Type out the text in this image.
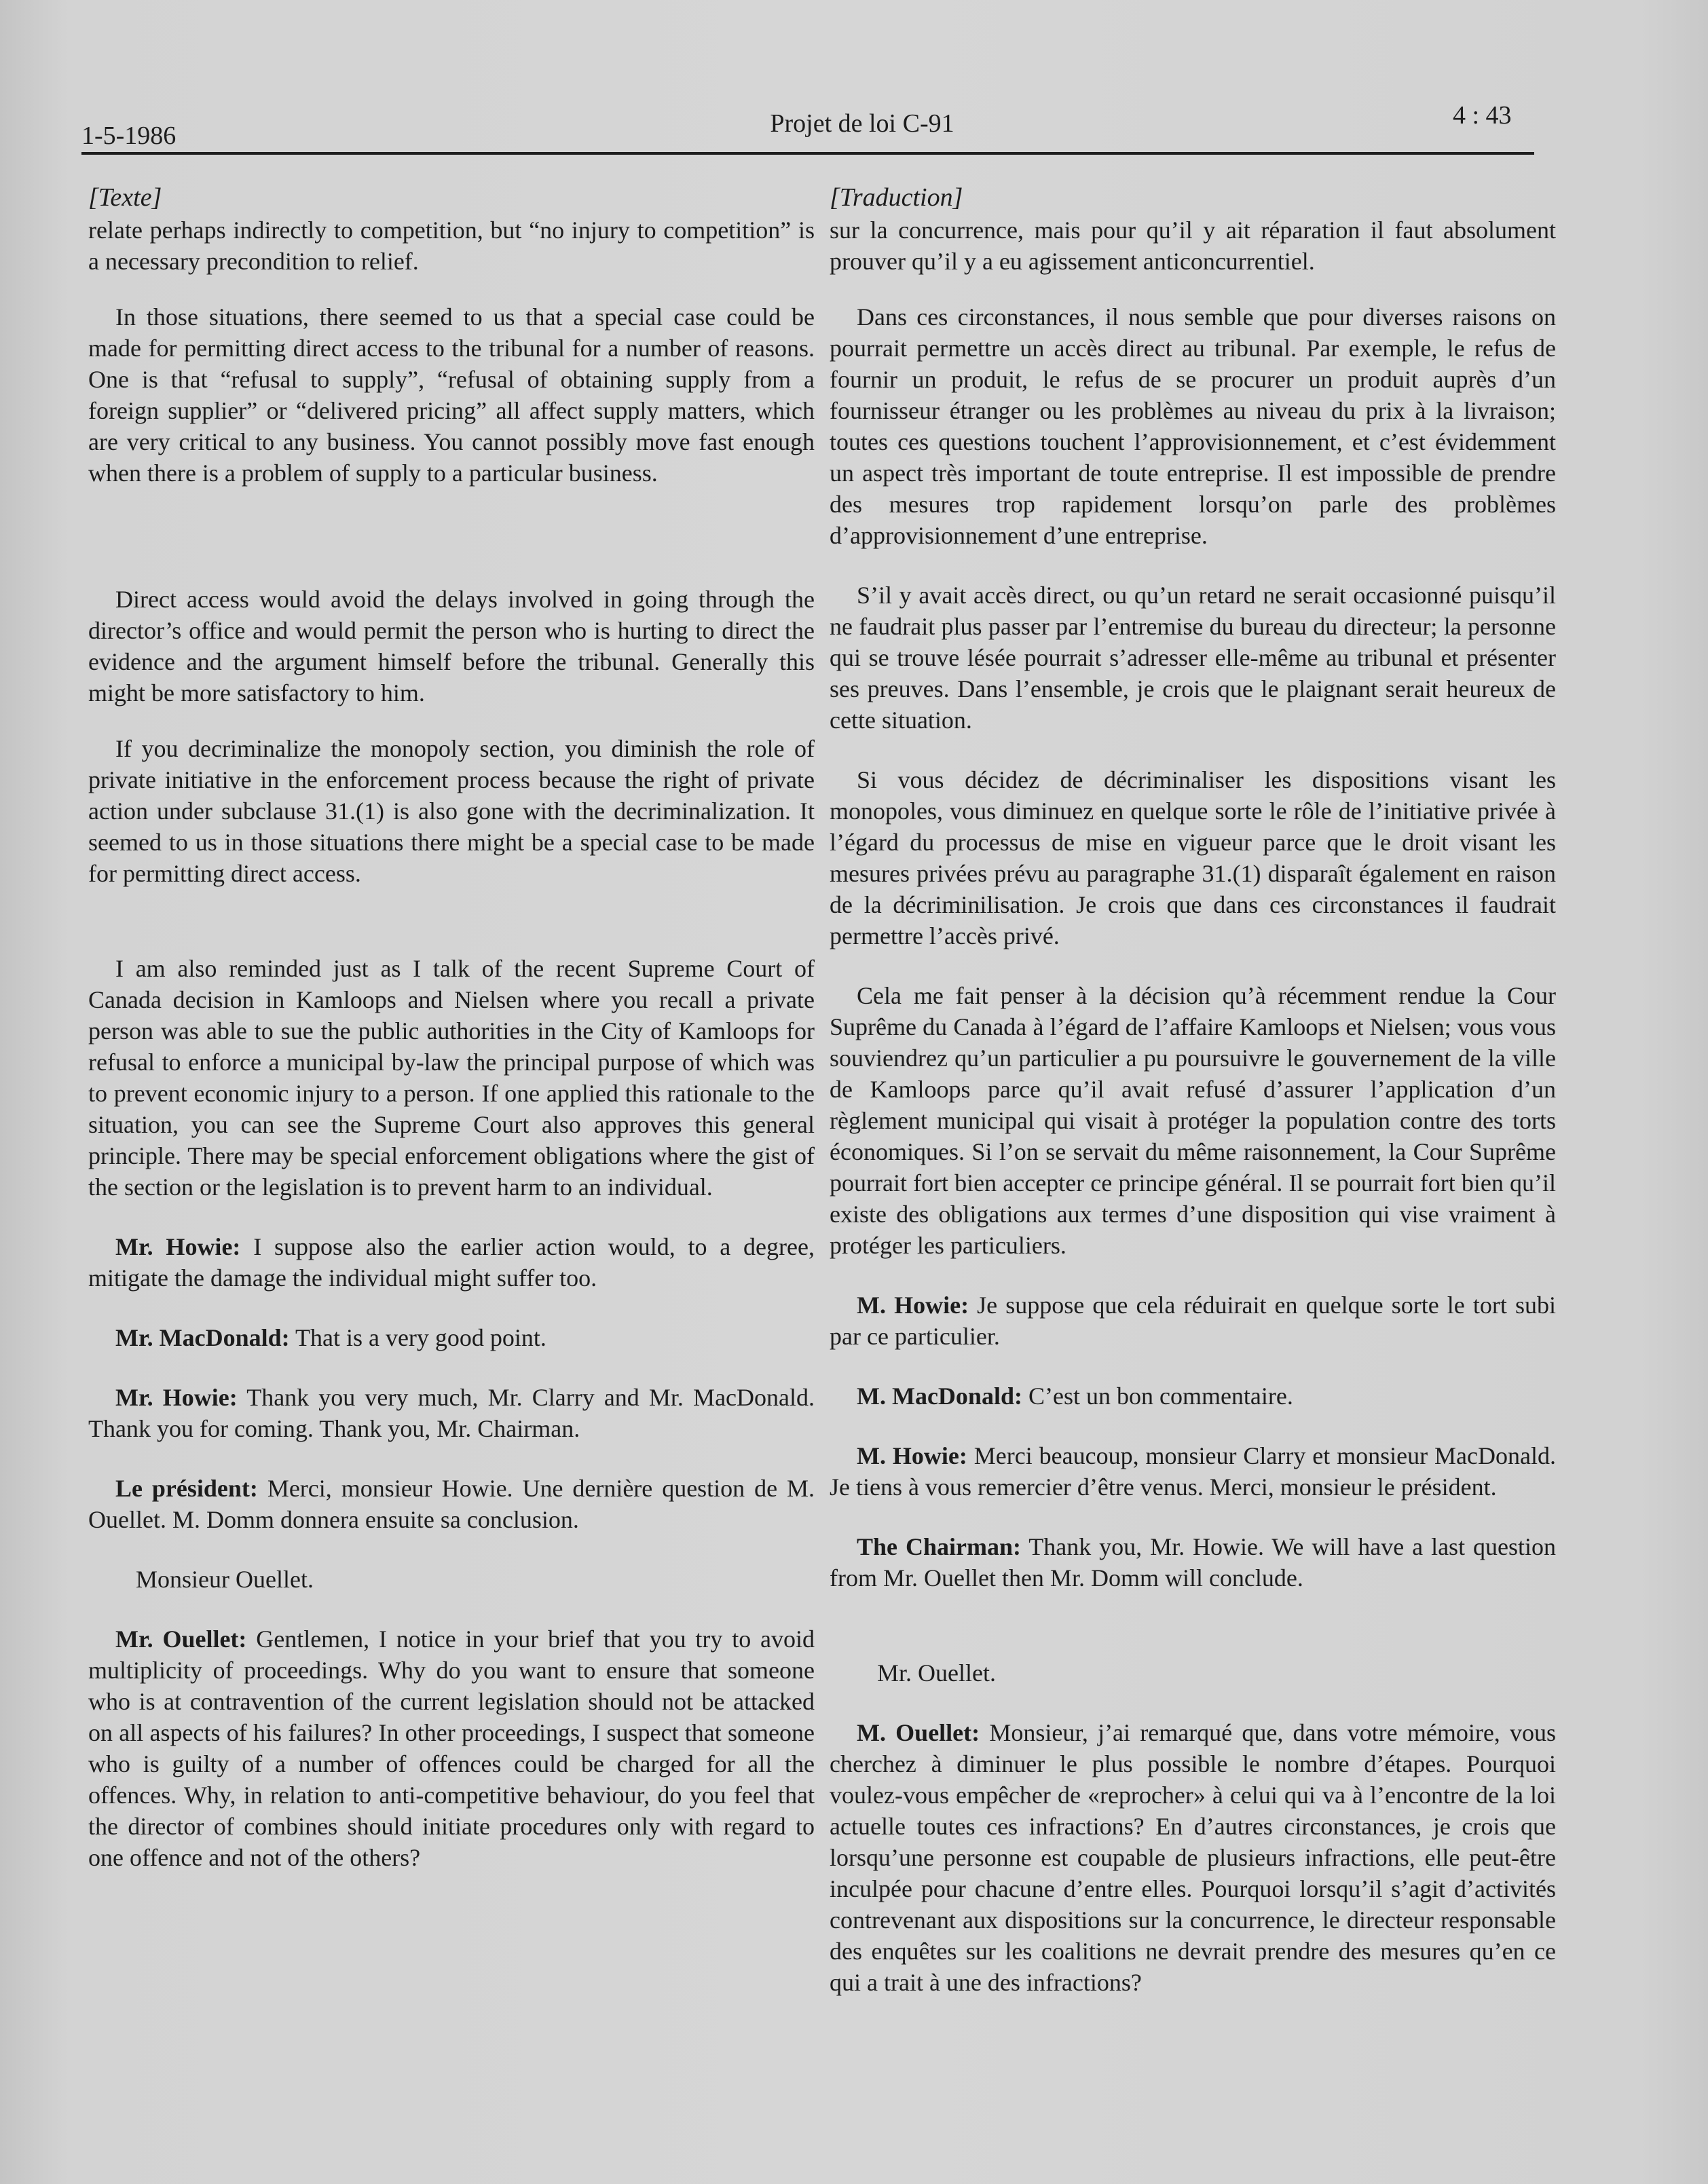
1-5-1986	Projet de loi C-91	4 : 43
[Texte]

relate perhaps indirectly to competition, but “no injury to competition” is a necessary precondition to relief.

In those situations, there seemed to us that a special case could be made for permitting direct access to the tribunal for a number of reasons. One is that “refusal to supply”, “refusal of obtaining supply from a foreign supplier” or “delivered pricing” all affect supply matters, which are very critical to any business. You cannot possibly move fast enough when there is a problem of supply to a particular business.

Direct access would avoid the delays involved in going through the director’s office and would permit the person who is hurting to direct the evidence and the argument himself before the tribunal. Generally this might be more satisfactory to him.

If you decriminalize the monopoly section, you diminish the role of private initiative in the enforcement process because the right of private action under subclause 31.(1) is also gone with the decriminalization. It seemed to us in those situations there might be a special case to be made for permitting direct access.

I am also reminded just as I talk of the recent Supreme Court of Canada decision in Kamloops and Nielsen where you recall a private person was able to sue the public authorities in the City of Kamloops for refusal to enforce a municipal by-law the principal purpose of which was to prevent economic injury to a person. If one applied this rationale to the situation, you can see the Supreme Court also approves this general principle. There may be special enforcement obligations where the gist of the section or the legislation is to prevent harm to an individual.

Mr. Howie: I suppose also the earlier action would, to a degree, mitigate the damage the individual might suffer too.

Mr. MacDonald: That is a very good point.

Mr. Howie: Thank you very much, Mr. Clarry and Mr. MacDonald. Thank you for coming. Thank you, Mr. Chairman.

Le président: Merci, monsieur Howie. Une dernière question de M. Ouellet. M. Domm donnera ensuite sa conclusion.

Monsieur Ouellet.

Mr. Ouellet: Gentlemen, I notice in your brief that you try to avoid multiplicity of proceedings. Why do you want to ensure that someone who is at contravention of the current legislation should not be attacked on all aspects of his failures? In other proceedings, I suspect that someone who is guilty of a number of offences could be charged for all the offences. Why, in relation to anti-competitive behaviour, do you feel that the director of combines should initiate procedures only with regard to one offence and not of the others?

[Traduction]

sur la concurrence, mais pour qu’il y ait réparation il faut absolument prouver qu’il y a eu agissement anticoncurrentiel.

Dans ces circonstances, il nous semble que pour diverses raisons on pourrait permettre un accès direct au tribunal. Par exemple, le refus de fournir un produit, le refus de se procurer un produit auprès d’un fournisseur étranger ou les problèmes au niveau du prix à la livraison; toutes ces questions touchent l’approvisionnement, et c’est évidemment un aspect très important de toute entreprise. Il est impossible de prendre des mesures trop rapidement lorsqu’on parle des problèmes d’approvisionnement d’une entreprise.

S’il y avait accès direct, ou qu’un retard ne serait occasionné puisqu’il ne faudrait plus passer par l’entremise du bureau du directeur; la personne qui se trouve lésée pourrait s’adresser elle-même au tribunal et présenter ses preuves. Dans l’ensemble, je crois que le plaignant serait heureux de cette situation.

Si vous décidez de décriminaliser les dispositions visant les monopoles, vous diminuez en quelque sorte le rôle de l’initiative privée à l’égard du processus de mise en vigueur parce que le droit visant les mesures privées prévu au paragraphe 31.(1) disparaît également en raison de la décriminilisation. Je crois que dans ces circonstances il faudrait permettre l’accès privé.

Cela me fait penser à la décision qu’à récemment rendue la Cour Suprême du Canada à l’égard de l’affaire Kamloops et Nielsen; vous vous souviendrez qu’un particulier a pu poursuivre le gouvernement de la ville de Kamloops parce qu’il avait refusé d’assurer l’application d’un règlement municipal qui visait à protéger la population contre des torts économiques. Si l’on se servait du même raisonnement, la Cour Suprême pourrait fort bien accepter ce principe général. Il se pourrait fort bien qu’il existe des obligations aux termes d’une disposition qui vise vraiment à protéger les particuliers.

M. Howie: Je suppose que cela réduirait en quelque sorte le tort subi par ce particulier.

M. MacDonald: C’est un bon commentaire.

M. Howie: Merci beaucoup, monsieur Clarry et monsieur MacDonald. Je tiens à vous remercier d’être venus. Merci, monsieur le président.

The Chairman: Thank you, Mr. Howie. We will have a last question from Mr. Ouellet then Mr. Domm will conclude.

Mr. Ouellet.

M. Ouellet: Monsieur, j’ai remarqué que, dans votre mémoire, vous cherchez à diminuer le plus possible le nombre d’étapes. Pourquoi voulez-vous empêcher de «reprocher» à celui qui va à l’encontre de la loi actuelle toutes ces infractions? En d’autres circonstances, je crois que lorsqu’une personne est coupable de plusieurs infractions, elle peut-être inculpée pour chacune d’entre elles. Pourquoi lorsqu’il s’agit d’activités contrevenant aux dispositions sur la concurrence, le directeur responsable des enquêtes sur les coalitions ne devrait prendre des mesures qu’en ce qui a trait à une des infractions?
